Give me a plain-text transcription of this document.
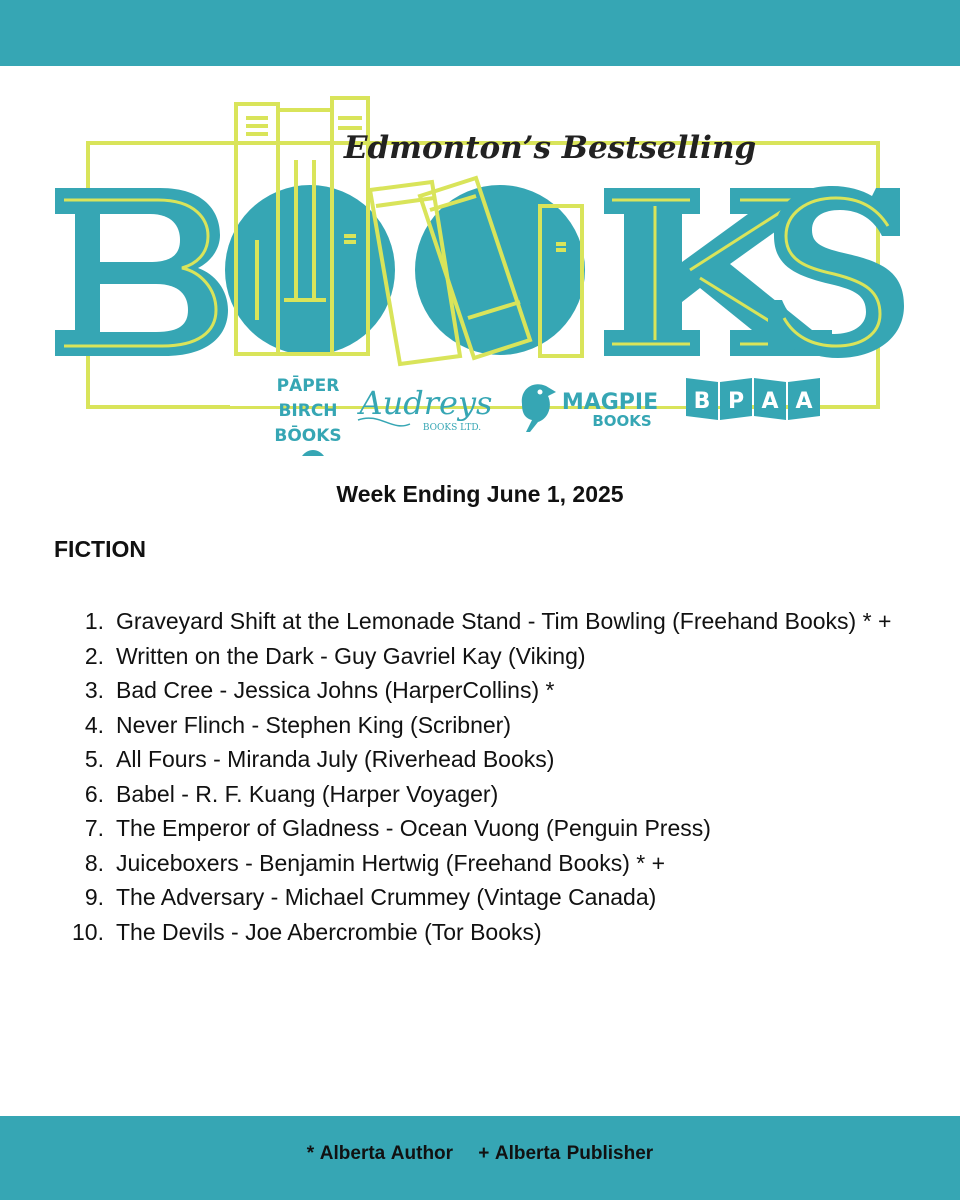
PĀPER
BIRCH
BŌOKS
Audreys
BOOKS LTD.
MAGPIE
BOOKS
B P A A
Edmonton’s Bestselling
Week Ending June 1, 2025
FICTION
1. Graveyard Shift at the Lemonade Stand - Tim Bowling (Freehand Books) * +
2. Written on the Dark - Guy Gavriel Kay (Viking)
3. Bad Cree - Jessica Johns (HarperCollins) *
4. Never Flinch - Stephen King (Scribner)
5. All Fours - Miranda July (Riverhead Books)
6. Babel - R. F. Kuang (Harper Voyager)
7. The Emperor of Gladness - Ocean Vuong (Penguin Press)
8. Juiceboxers - Benjamin Hertwig (Freehand Books) * +
9. The Adversary - Michael Crummey (Vintage Canada)
10. The Devils - Joe Abercrombie (Tor Books)
* Alberta Author + Alberta Publisher
